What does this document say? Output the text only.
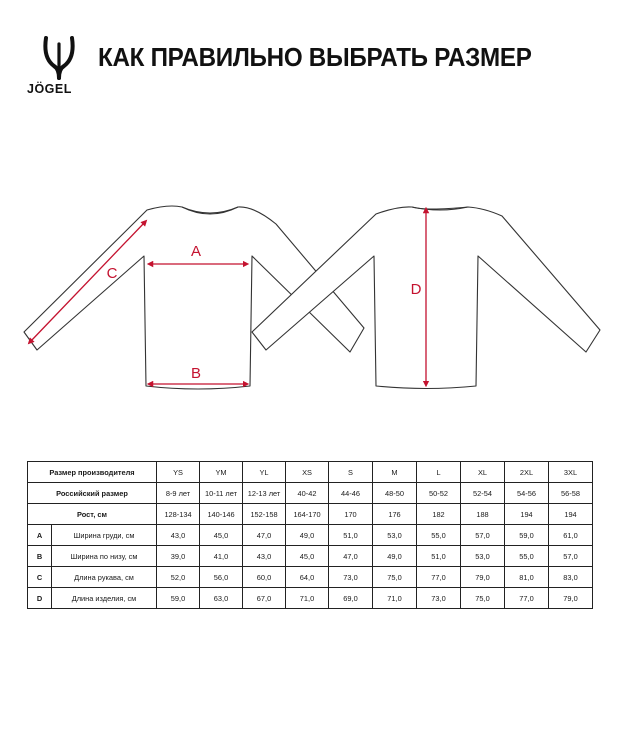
JÖGEL
КАК ПРАВИЛЬНО ВЫБРАТЬ РАЗМЕР
A
B
C
D
Размер производителя		YS	YM	YL	XS	S	M	L	XL	2XL	3XL
Российский размер		8-9 лет	10-11 лет	12-13 лет	40-42	44-46	48-50	50-52	52-54	54-56	56-58
Рост, см		128-134	140-146	152-158	164-170	170	176	182	188	194	194
A	Ширина груди, см	43,0	45,0	47,0	49,0	51,0	53,0	55,0	57,0	59,0	61,0
B	Ширина по низу, см	39,0	41,0	43,0	45,0	47,0	49,0	51,0	53,0	55,0	57,0
C	Длина рукава, см	52,0	56,0	60,0	64,0	73,0	75,0	77,0	79,0	81,0	83,0
D	Длина изделия, см	59,0	63,0	67,0	71,0	69,0	71,0	73,0	75,0	77,0	79,0
